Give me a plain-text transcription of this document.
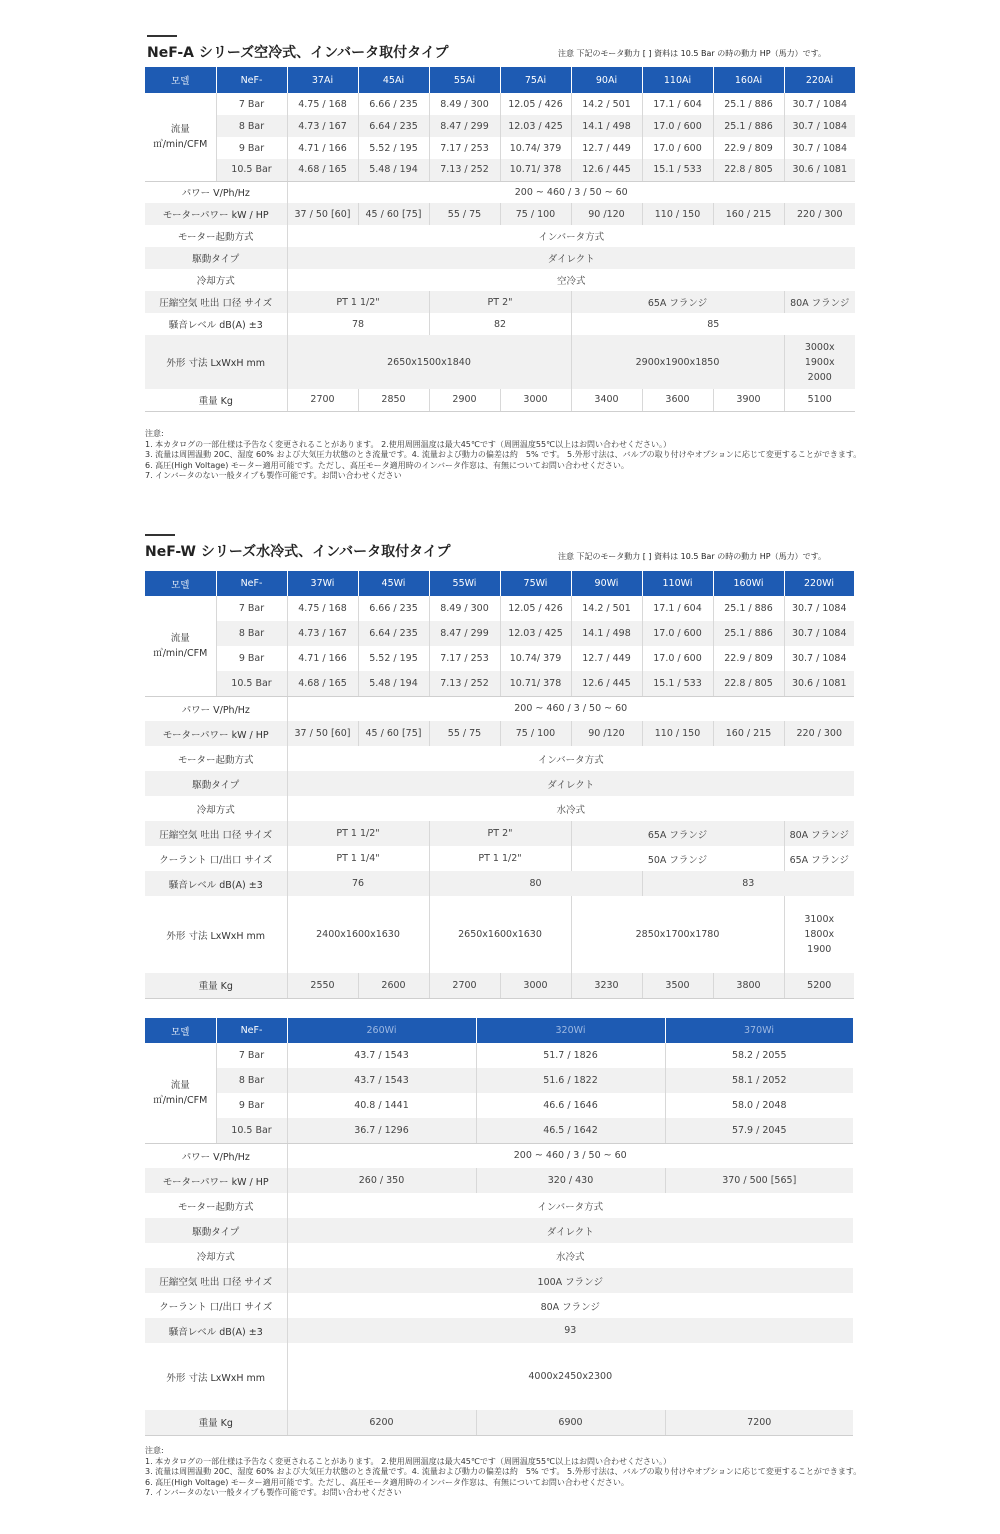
NeF-A シリーズ空冷式、インバータ取付タイプ	注意 下記のモータ動力 [ ] 資料は 10.5 Bar の時の動力 HP（馬力）です。
모델	NeF-	37Ai	45Ai	55Ai	75Ai	90Ai	110Ai	160Ai	220Ai
流量
㎥/min/CFM	7 Bar	4.75 / 168	6.66 / 235	8.49 / 300	12.05 / 426	14.2 / 501	17.1 / 604	25.1 / 886	30.7 / 1084
	8 Bar	4.73 / 167	6.64 / 235	8.47 / 299	12.03 / 425	14.1 / 498	17.0 / 600	25.1 / 886	30.7 / 1084
	9 Bar	4.71 / 166	5.52 / 195	7.17 / 253	10.74/ 379	12.7 / 449	17.0 / 600	22.9 / 809	30.7 / 1084
	10.5 Bar	4.68 / 165	5.48 / 194	7.13 / 252	10.71/ 378	12.6 / 445	15.1 / 533	22.8 / 805	30.6 / 1081
パワー V/Ph/Hz		200 ~ 460 / 3 / 50 ~ 60							
モーターパワー kW / HP		37 / 50 [60]	45 / 60 [75]	55 / 75	75 / 100	90 /120	110 / 150	160 / 215	220 / 300
モーター起動方式		インバータ方式							
駆動タイプ		ダイレクト							
冷却方式		空冷式							
圧縮空気 吐出 口径 サイズ		PT 1 1/2"		PT 2"		65A フランジ			80A フランジ
騒音レベル dB(A) ±3		78		82		85			
外形 寸法 LxWxH mm		2650x1500x1840				2900x1900x1850			3000x
1900x
2000
重量 Kg		2700	2850	2900	3000	3400	3600	3900	5100
注意:
1. 本カタログの一部仕様は予告なく変更されることがあります。 2.使用周囲温度は最大45℃です（周囲温度55℃以上はお問い合わせください。）
3. 流量は周囲温動 20C、湿度 60% および大気圧力状態のとき流量です。4. 流量および動力の偏差は約　5% です。 5.外形寸法は、バルブの取り付けやオプションに応じて変更することができます。
6. 高圧(High Voltage) モーター適用可能です。ただし、高圧モータ適用時のインバータ作窓は、有無についてお問い合わせください。
7. インバータのない一般タイプも製作可能です。お問い合わせください
NeF-W シリーズ水冷式、インバータ取付タイプ	注意 下記のモータ動力 [ ] 資料は 10.5 Bar の時の動力 HP（馬力）です。
모델	NeF-	37Wi	45Wi	55Wi	75Wi	90Wi	110Wi	160Wi	220Wi
流量
㎥/min/CFM	7 Bar	4.75 / 168	6.66 / 235	8.49 / 300	12.05 / 426	14.2 / 501	17.1 / 604	25.1 / 886	30.7 / 1084
	8 Bar	4.73 / 167	6.64 / 235	8.47 / 299	12.03 / 425	14.1 / 498	17.0 / 600	25.1 / 886	30.7 / 1084
	9 Bar	4.71 / 166	5.52 / 195	7.17 / 253	10.74/ 379	12.7 / 449	17.0 / 600	22.9 / 809	30.7 / 1084
	10.5 Bar	4.68 / 165	5.48 / 194	7.13 / 252	10.71/ 378	12.6 / 445	15.1 / 533	22.8 / 805	30.6 / 1081
パワー V/Ph/Hz		200 ~ 460 / 3 / 50 ~ 60							
モーターパワー kW / HP		37 / 50 [60]	45 / 60 [75]	55 / 75	75 / 100	90 /120	110 / 150	160 / 215	220 / 300
モーター起動方式		インバータ方式							
駆動タイプ		ダイレクト							
冷却方式		水冷式							
圧縮空気 吐出 口径 サイズ		PT 1 1/2"		PT 2"		65A フランジ			80A フランジ
クーラント 口/出口 サイズ		PT 1 1/4"		PT 1 1/2"		50A フランジ			65A フランジ
騒音レベル dB(A) ±3		76		80			83		
外形 寸法 LxWxH mm		2400x1600x1630		2650x1600x1630		2850x1700x1780			3100x
1800x
1900
重量 Kg		2550	2600	2700	3000	3230	3500	3800	5200
모델	NeF-	260Wi	320Wi	370Wi
流量
㎥/min/CFM	7 Bar	43.7 / 1543	51.7 / 1826	58.2 / 2055
	8 Bar	43.7 / 1543	51.6 / 1822	58.1 / 2052
	9 Bar	40.8 / 1441	46.6 / 1646	58.0 / 2048
	10.5 Bar	36.7 / 1296	46.5 / 1642	57.9 / 2045
パワー V/Ph/Hz		200 ~ 460 / 3 / 50 ~ 60		
モーターパワー kW / HP		260 / 350	320 / 430	370 / 500 [565]
モーター起動方式		インバータ方式		
駆動タイプ		ダイレクト		
冷却方式		水冷式		
圧縮空気 吐出 口径 サイズ		100A フランジ		
クーラント 口/出口 サイズ		80A フランジ		
騒音レベル dB(A) ±3		93		
外形 寸法 LxWxH mm		4000x2450x2300		
重量 Kg		6200	6900	7200
注意:
1. 本カタログの一部仕様は予告なく変更されることがあります。 2.使用周囲温度は最大45℃です（周囲温度55℃以上はお問い合わせください。）
3. 流量は周囲温動 20C、湿度 60% および大気圧力状態のとき流量です。4. 流量および動力の偏差は約　5% です。 5.外形寸法は、バルブの取り付けやオプションに応じて変更することができます。
6. 高圧(High Voltage) モーター適用可能です。ただし、高圧モータ適用時のインバータ作窓は、有無についてお問い合わせください。
7. インバータのない一般タイプも製作可能です。お問い合わせください
